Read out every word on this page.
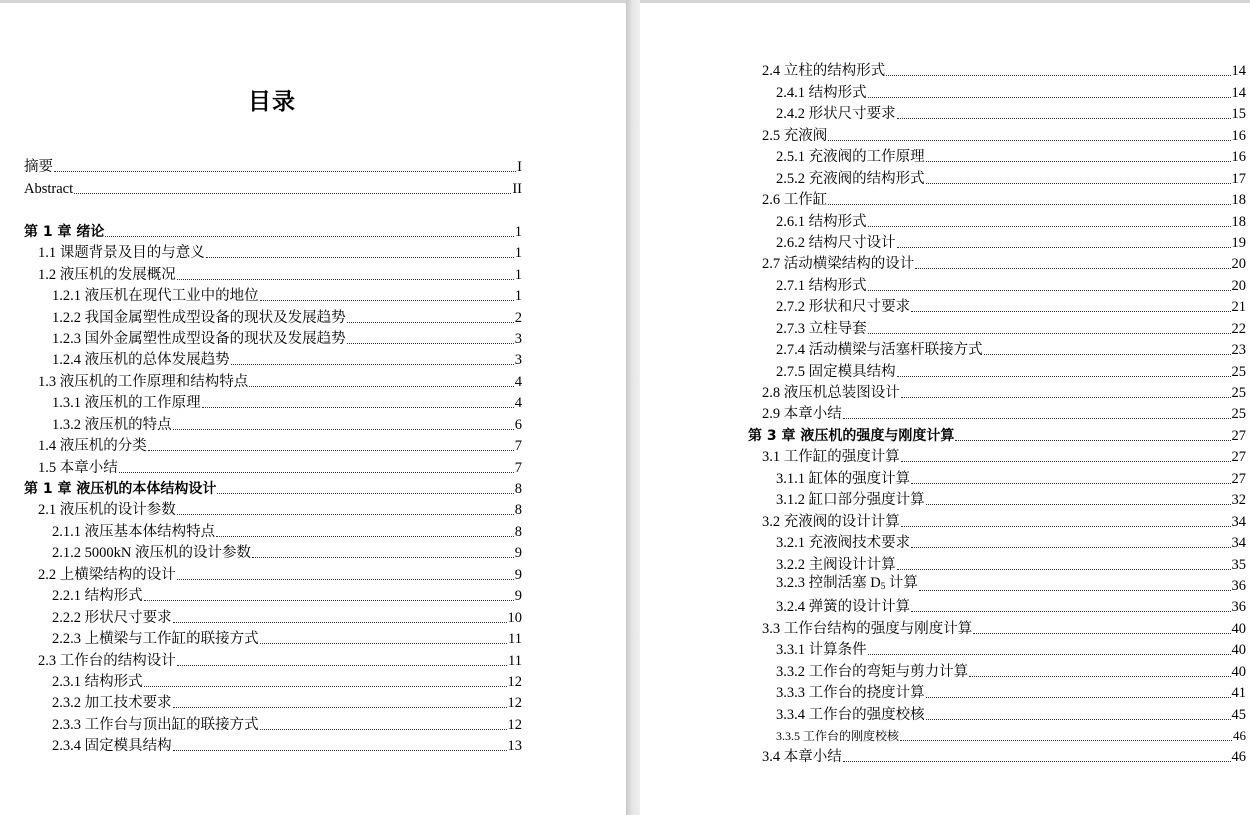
目录
摘要	I
Abstract	II
第 1 章 绪论	1
1.1 课题背景及目的与意义	1
1.2 液压机的发展概况	1
1.2.1 液压机在现代工业中的地位	1
1.2.2 我国金属塑性成型设备的现状及发展趋势	2
1.2.3 国外金属塑性成型设备的现状及发展趋势	3
1.2.4 液压机的总体发展趋势	3
1.3 液压机的工作原理和结构特点	4
1.3.1 液压机的工作原理	4
1.3.2 液压机的特点	6
1.4 液压机的分类	7
1.5 本章小结	7
第 1 章 液压机的本体结构设计	8
2.1 液压机的设计参数	8
2.1.1 液压基本体结构特点	8
2.1.2 5000kN 液压机的设计参数	9
2.2 上横梁结构的设计	9
2.2.1 结构形式	9
2.2.2 形状尺寸要求	10
2.2.3 上横梁与工作缸的联接方式	11
2.3 工作台的结构设计	11
2.3.1 结构形式	12
2.3.2 加工技术要求	12
2.3.3 工作台与顶出缸的联接方式	12
2.3.4 固定模具结构	13
2.4 立柱的结构形式	14
2.4.1 结构形式	14
2.4.2 形状尺寸要求	15
2.5 充液阀	16
2.5.1 充液阀的工作原理	16
2.5.2 充液阀的结构形式	17
2.6 工作缸	18
2.6.1 结构形式	18
2.6.2 结构尺寸设计	19
2.7 活动横梁结构的设计	20
2.7.1 结构形式	20
2.7.2 形状和尺寸要求	21
2.7.3 立柱导套	22
2.7.4 活动横梁与活塞杆联接方式	23
2.7.5 固定模具结构	25
2.8 液压机总装图设计	25
2.9 本章小结	25
第 3 章 液压机的强度与刚度计算	27
3.1 工作缸的强度计算	27
3.1.1 缸体的强度计算	27
3.1.2 缸口部分强度计算	32
3.2 充液阀的设计计算	34
3.2.1 充液阀技术要求	34
3.2.2 主阀设计计算	35
3.2.3 控制活塞 $D_5$ 计算	36
3.2.4 弹簧的设计计算	36
3.3 工作台结构的强度与刚度计算	40
3.3.1 计算条件	40
3.3.2 工作台的弯矩与剪力计算	40
3.3.3 工作台的挠度计算	41
3.3.4 工作台的强度校核	45
3.3.5 工作台的刚度校核	46
3.4 本章小结	46
